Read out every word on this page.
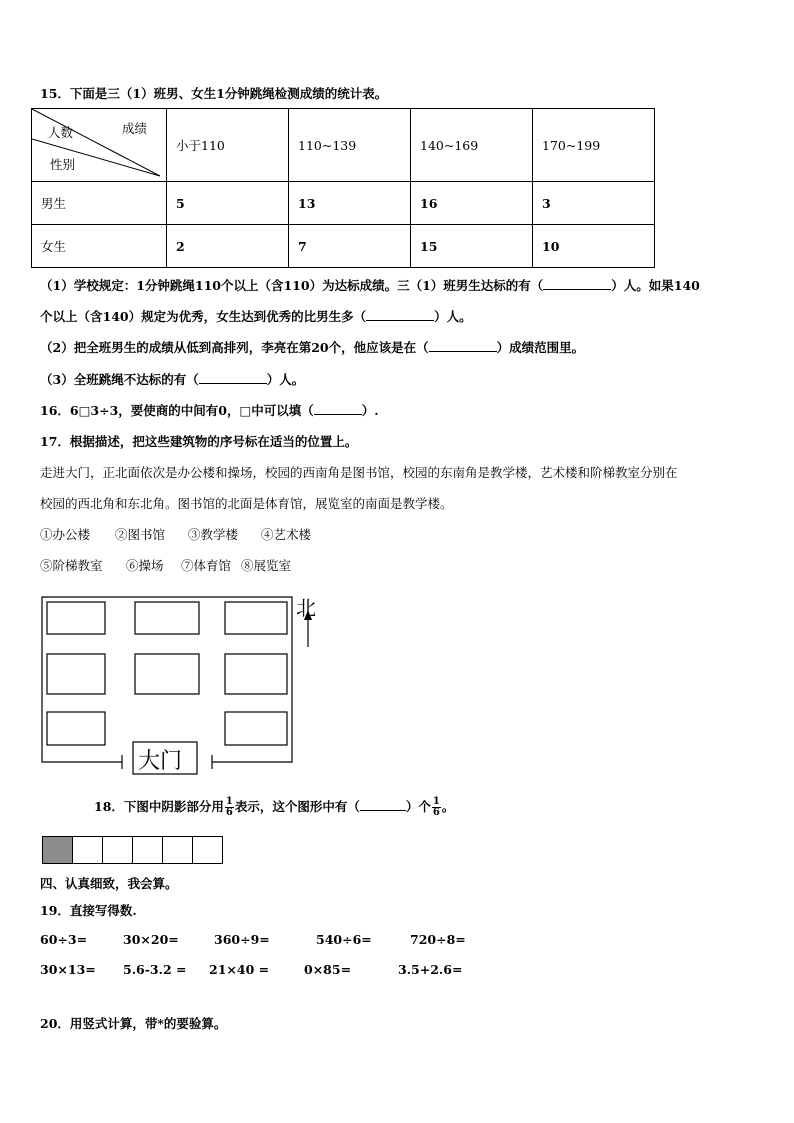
15．下面是三（1）班男、女生1分钟跳绳检测成绩的统计表。
成绩
人数
性别	小于110	110~139	140~169	170~199
男生	5	13	16	3
女生	2	7	15	10
（1）学校规定：1分钟跳绳110个以上（含110）为达标成绩。三（1）班男生达标的有（	）人。如果140
个以上（含140）规定为优秀，女生达到优秀的比男生多（	）人。
（2）把全班男生的成绩从低到高排列，李亮在第20个，他应该是在（	）成绩范围里。
（3）全班跳绳不达标的有（	）人。
16．6□3÷3，要使商的中间有0，□中可以填（	）.
17．根据描述，把这些建筑物的序号标在适当的位置上。
走进大门，正北面依次是办公楼和操场，校园的西南角是图书馆，校园的东南角是教学楼，艺术楼和阶梯教室分别在
校园的西北角和东北角。图书馆的北面是体育馆，展览室的南面是教学楼。
①办公楼 ②图书馆 ③教学楼 ④艺术楼
⑤阶梯教室 ⑥操场 ⑦体育馆 ⑧展览室
北
大门
18．下图中阴影部分用 $\frac{1}{6}$ 表示，这个图形中有（	）个 $\frac{1}{6}$ 。
四、认真细致，我会算。
19．直接写得数.
60÷3=	30×20=	360÷9=	540÷6=	720÷8=
30×13= 5.6-3.2 = 21×40 =	0×85=	3.5+2.6=
20．用竖式计算，带*的要验算。
